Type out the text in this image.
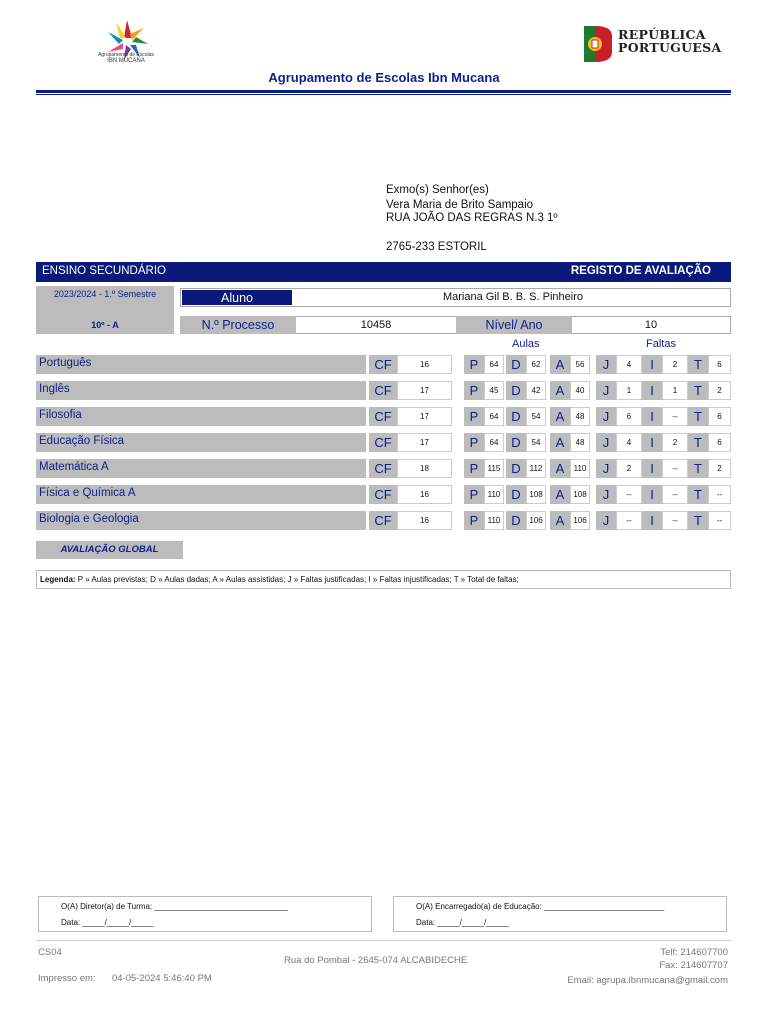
Agrupamento de Escolas
IBN MUCANA
REPÚBLICA
PORTUGUESA
Agrupamento de Escolas Ibn Mucana
Exmo(s) Senhor(es)
Vera Maria de Brito Sampaio
RUA JOÃO DAS REGRAS N.3 1º
2765-233 ESTORIL
ENSINO SECUNDÁRIO	REGISTO DE AVALIAÇÃO
2023/2024 - 1.º Semestre
10º - A
Aluno	Mariana Gil B. B. S. Pinheiro
N.º Processo	10458	Nível/ Ano	10
Aulas	Faltas
Português	CF	16	P	64 D	62	A	56	J	4	I	2	T	6
Inglês	CF	17	P	45 D	42	A	40	J	1	I	1	T	2
Filosofia	CF	17	P	64 D	54	A	48	J	6	I	--	T	6
Educação Física	CF	17	P	64 D	54	A	48	J	4	I	2	T	6
Matemática A	CF	18	P	115 D	112	A	110	J	2	I	--	T	2
Física e Química A	CF	16	P	110 D	108 A	108	J	--	I	--	T	--
Biologia e Geologia	CF	16	P	110 D	106 A	106	J	--	I	--	T	--
AVALIAÇÃO GLOBAL
Legenda: P » Aulas previstas; D » Aulas dadas; A » Aulas assistidas; J » Faltas justificadas; I » Faltas injustificadas; T » Total de faltas;
O(A) Diretor(a) de Turma: ______________________________
Data: _____/_____/_____
O(A) Encarregado(a) de Educação: ___________________________
Data: _____/_____/_____
CS04
Rua do Pombal - 2645-074 ALCABIDECHE
Impresso em: 04-05-2024 5:46:40 PM
Telf: 214607700
Fax: 214607707
Email: agrupa.ibnmucana@gmail.com
